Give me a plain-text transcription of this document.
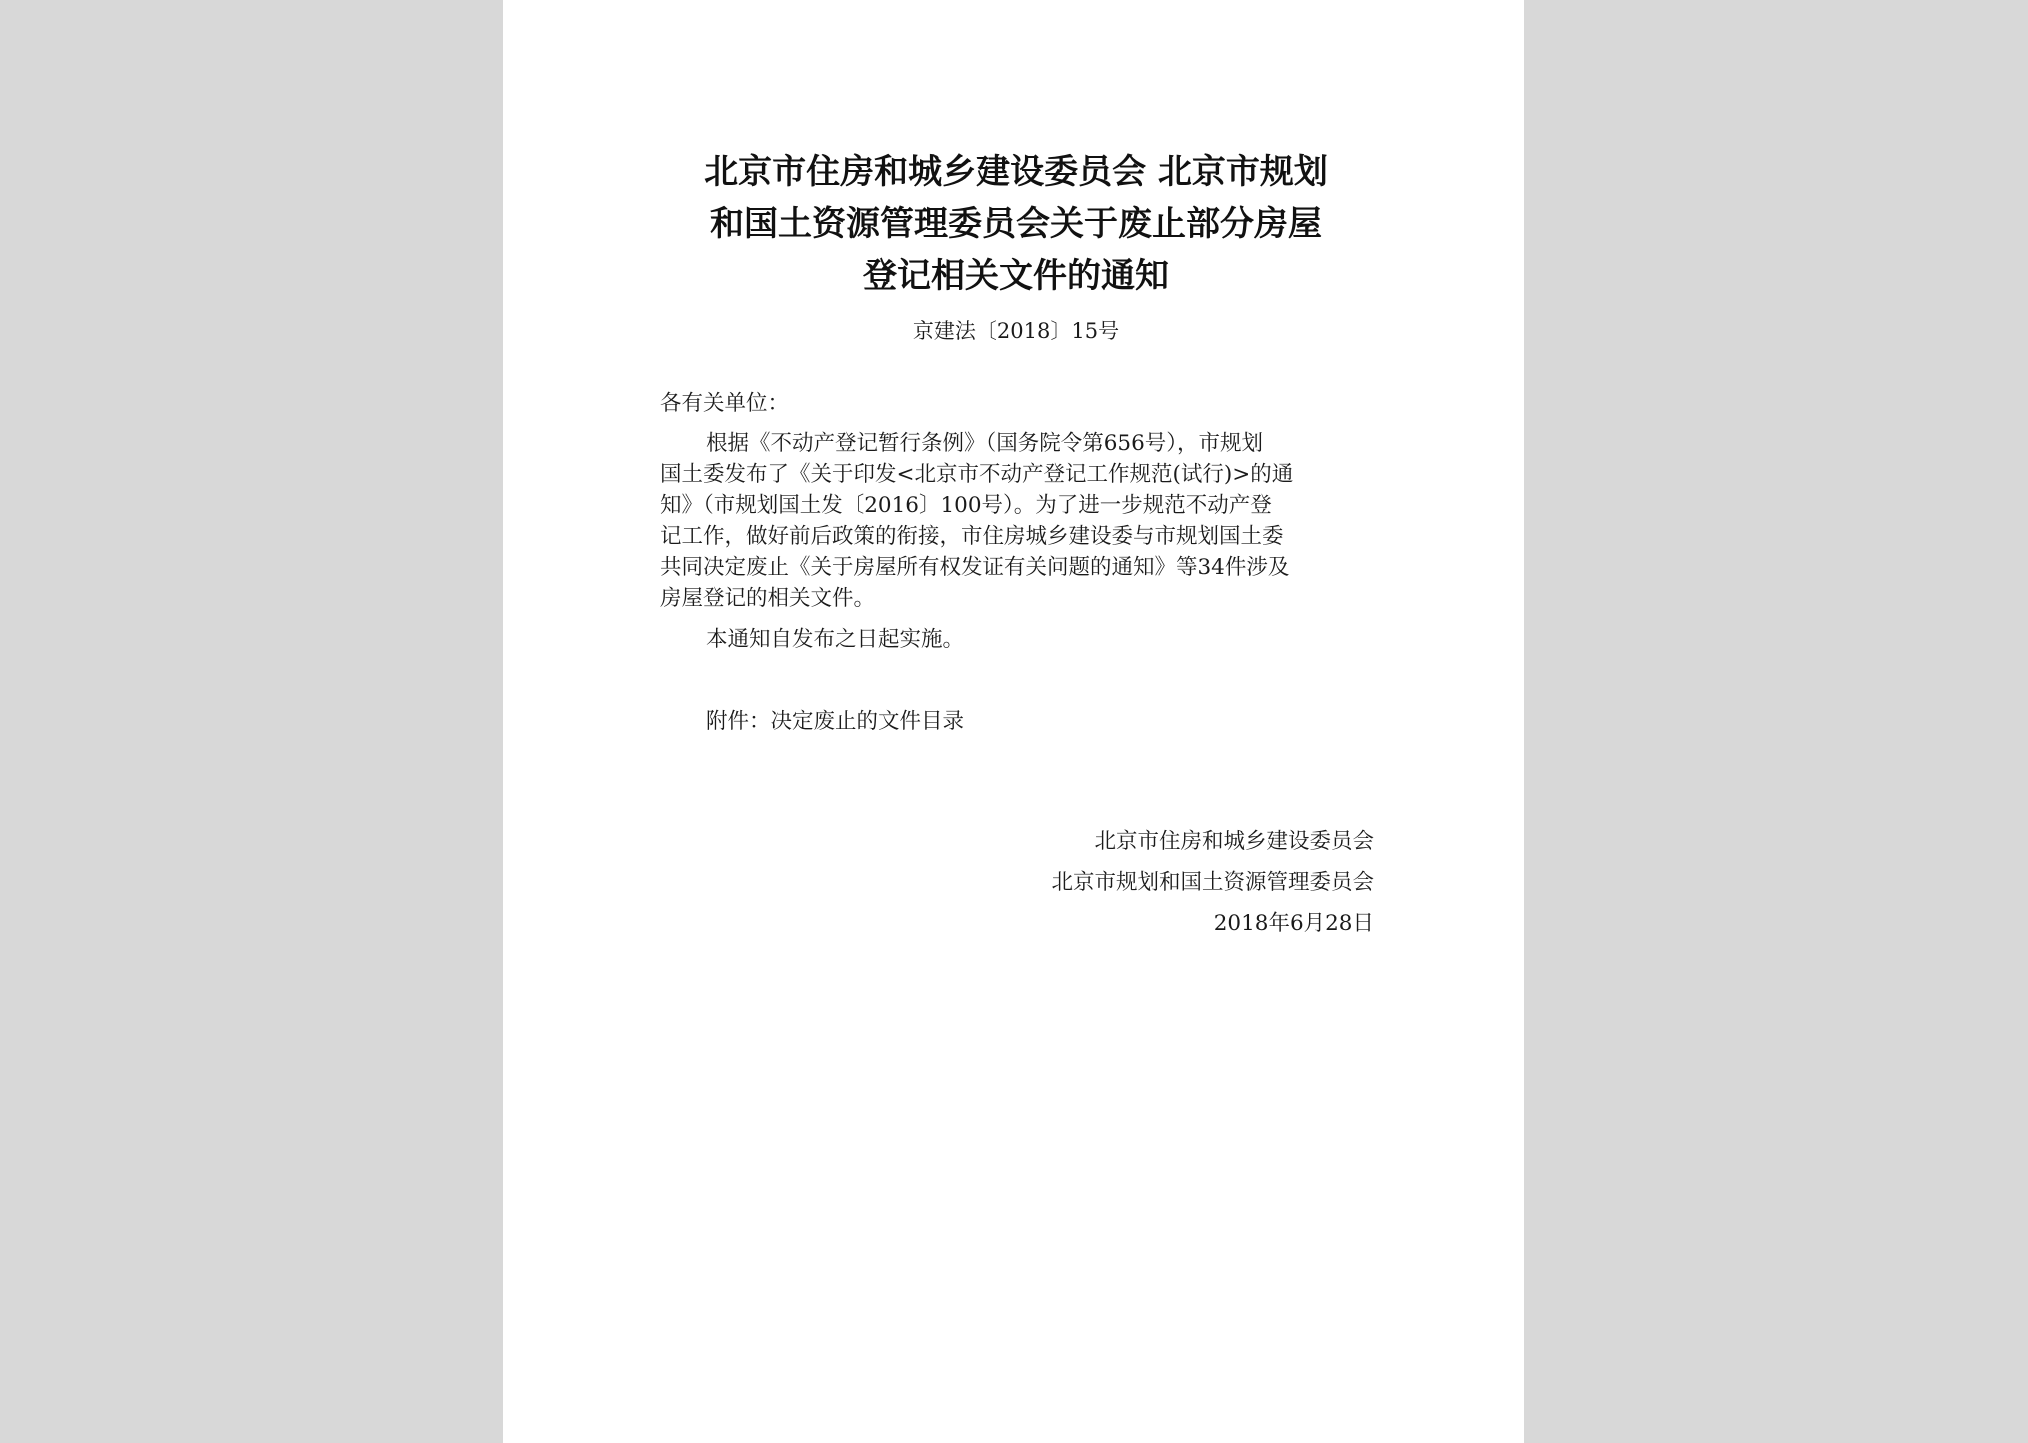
北京市住房和城乡建设委员会 北京市规划
和国土资源管理委员会关于废止部分房屋
登记相关文件的通知
京建法〔2018〕15号
各有关单位：
根据《不动产登记暂行条例》（国务院令第656号），市规划
国土委发布了《关于印发<北京市不动产登记工作规范(试行)>的通
知》（市规划国土发〔2016〕100号）。为了进一步规范不动产登
记工作，做好前后政策的衔接，市住房城乡建设委与市规划国土委
共同决定废止《关于房屋所有权发证有关问题的通知》等34件涉及
房屋登记的相关文件。
本通知自发布之日起实施。
附件：决定废止的文件目录
北京市住房和城乡建设委员会
北京市规划和国土资源管理委员会
2018年6月28日
